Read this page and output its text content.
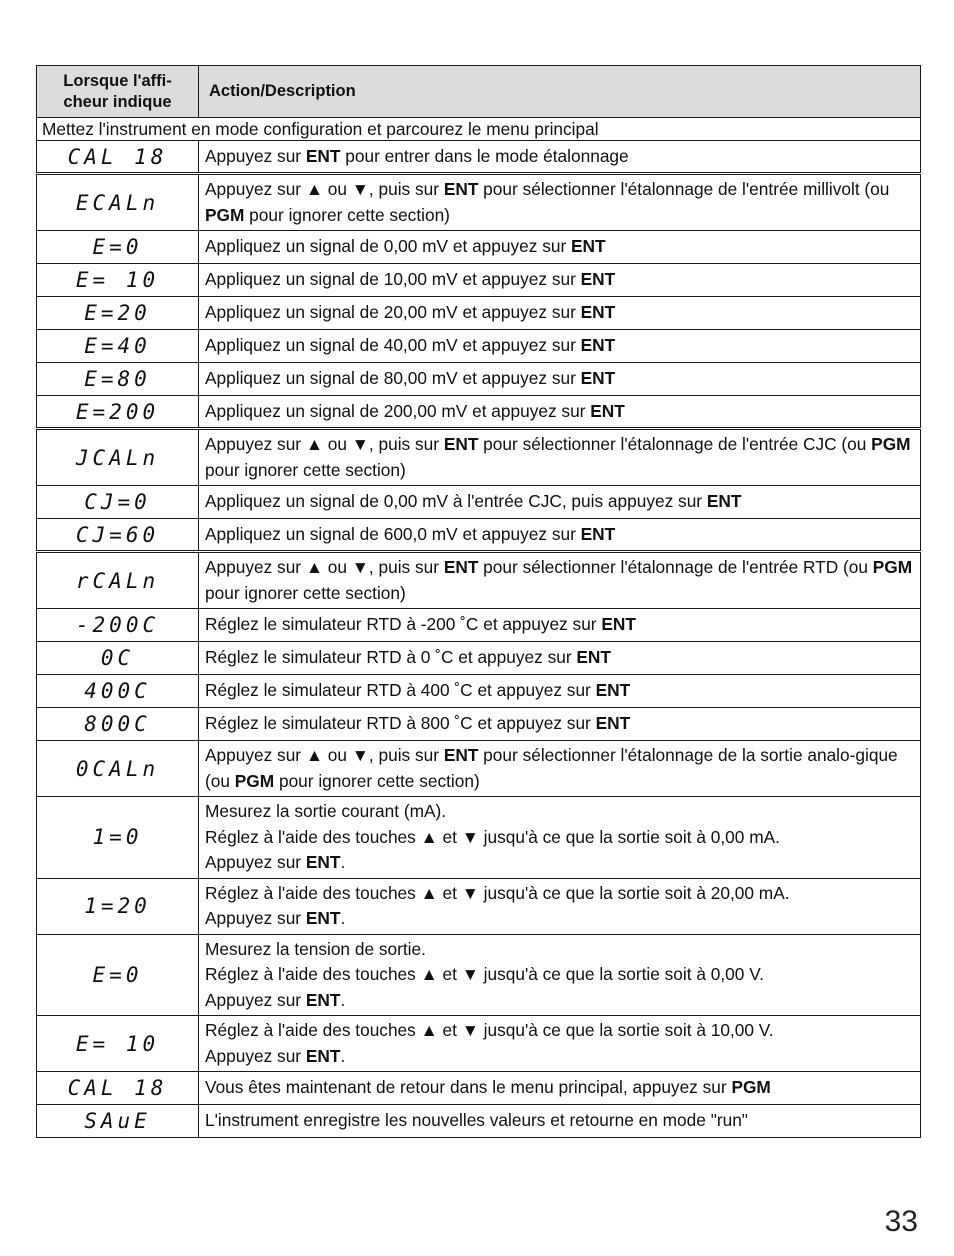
Lorsque l'affi-
cheur indique	Action/Description
Mettez l'instrument en mode configuration et parcourez le menu principal	
CAL 18	Appuyez sur ENT pour entrer dans le mode étalonnage
ECALn	Appuyez sur ▲ ou ▼, puis sur ENT pour sélectionner l'étalonnage de l'entrée millivolt (ou PGM pour ignorer cette section)
E=0	Appliquez un signal de 0,00 mV et appuyez sur ENT
E= 10	Appliquez un signal de 10,00 mV et appuyez sur ENT
E=20	Appliquez un signal de 20,00 mV et appuyez sur ENT
E=40	Appliquez un signal de 40,00 mV et appuyez sur ENT
E=80	Appliquez un signal de 80,00 mV et appuyez sur ENT
E=200	Appliquez un signal de 200,00 mV et appuyez sur ENT
JCALn	Appuyez sur ▲ ou ▼, puis sur ENT pour sélectionner l'étalonnage de l'entrée CJC (ou PGM pour ignorer cette section)
CJ=0	Appliquez un signal de 0,00 mV à l'entrée CJC, puis appuyez sur ENT
CJ=60	Appliquez un signal de 600,0 mV et appuyez sur ENT
rCALn	Appuyez sur ▲ ou ▼, puis sur ENT pour sélectionner l'étalonnage de l'entrée RTD (ou PGM pour ignorer cette section)
-200C	Réglez le simulateur RTD à -200 ˚C et appuyez sur ENT
0C	Réglez le simulateur RTD à 0 ˚C et appuyez sur ENT
400C	Réglez le simulateur RTD à 400 ˚C et appuyez sur ENT
800C	Réglez le simulateur RTD à 800 ˚C et appuyez sur ENT
0CALn	Appuyez sur ▲ ou ▼, puis sur ENT pour sélectionner l'étalonnage de la sortie analo-gique (ou PGM pour ignorer cette section)
1=0	Mesurez la sortie courant (mA).
Réglez à l'aide des touches ▲ et ▼ jusqu'à ce que la sortie soit à 0,00 mA.
Appuyez sur ENT.
1=20	Réglez à l'aide des touches ▲ et ▼ jusqu'à ce que la sortie soit à 20,00 mA.
Appuyez sur ENT.
E=0	Mesurez la tension de sortie.
Réglez à l'aide des touches ▲ et ▼ jusqu'à ce que la sortie soit à 0,00 V.
Appuyez sur ENT.
E= 10	Réglez à l'aide des touches ▲ et ▼ jusqu'à ce que la sortie soit à 10,00 V.
Appuyez sur ENT.
CAL 18	Vous êtes maintenant de retour dans le menu principal, appuyez sur PGM
SAuE	L'instrument enregistre les nouvelles valeurs et retourne en mode "run"
33
